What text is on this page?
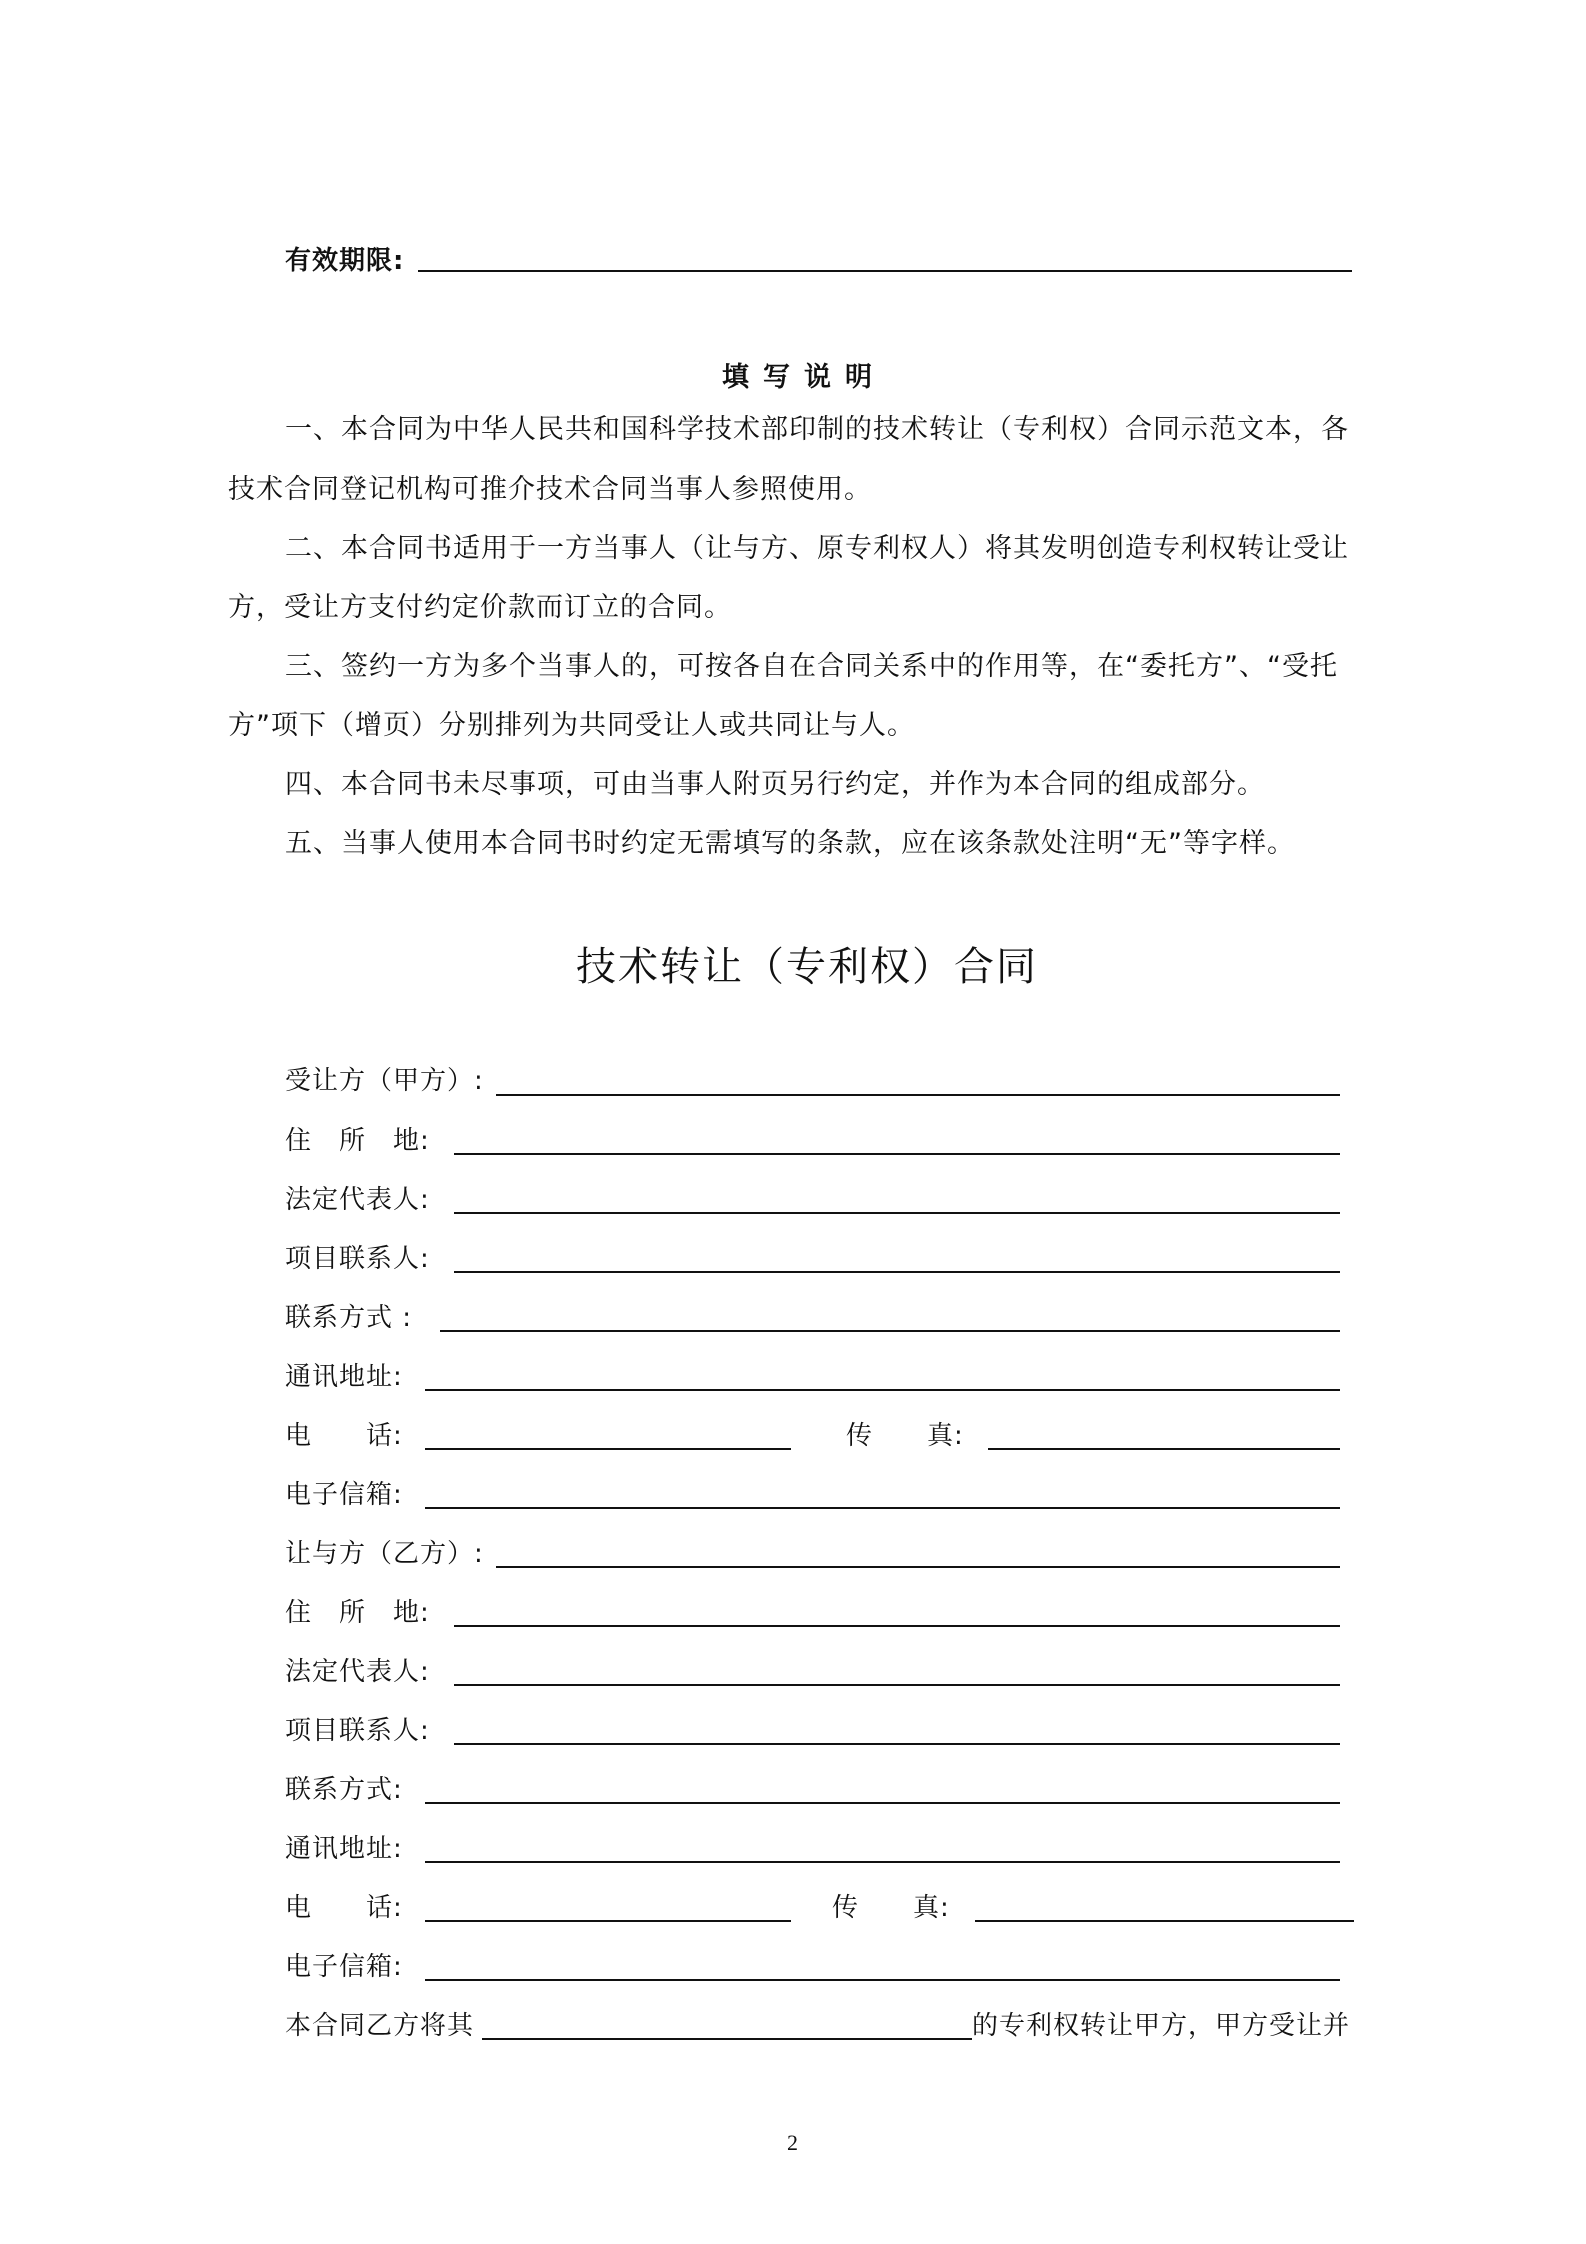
有效期限:
填写说明
一、本合同为中华人民共和国科学技术部印制的技术转让（专利权）合同示范文本，各
技术合同登记机构可推介技术合同当事人参照使用。
二、本合同书适用于一方当事人（让与方、原专利权人）将其发明创造专利权转让受让
方，受让方支付约定价款而订立的合同。
三、签约一方为多个当事人的，可按各自在合同关系中的作用等，在“委托方”、“受托
方”项下（增页）分别排列为共同受让人或共同让与人。
四、本合同书未尽事项，可由当事人附页另行约定，并作为本合同的组成部分。
五、当事人使用本合同书时约定无需填写的条款，应在该条款处注明“无”等字样。
技术转让（专利权）合同
受让方（甲方）:
住　所　地:
法定代表人:
项目联系人:
联系方式 :
通讯地址:
电　　话:	传　　真:
电子信箱:
让与方（乙方）:
住　所　地:
法定代表人:
项目联系人:
联系方式:
通讯地址:
电　　话:	传　　真:
电子信箱:
本合同乙方将其	的专利权转让甲方，甲方受让并
2
